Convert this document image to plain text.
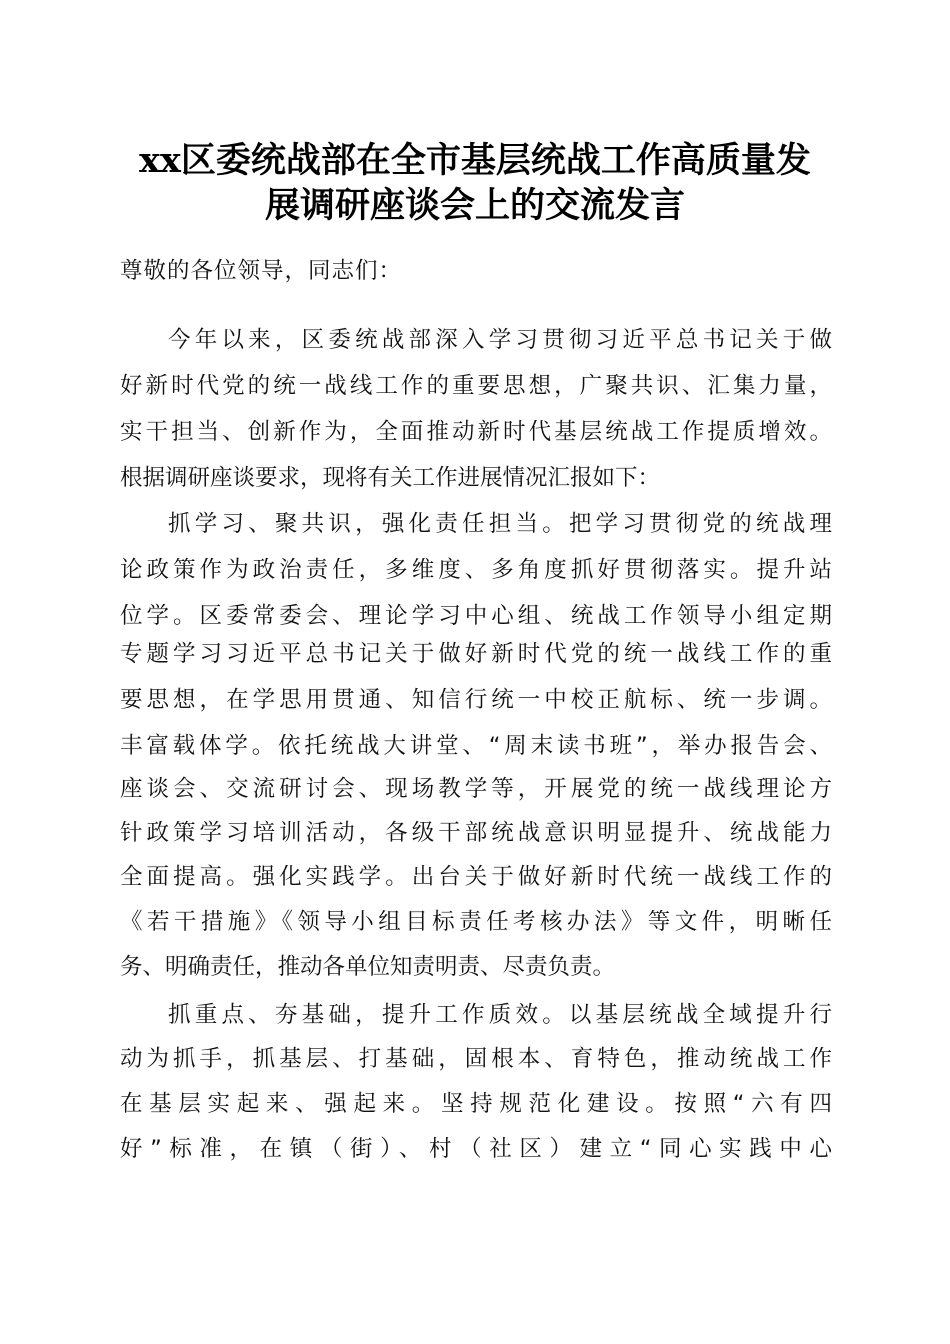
xx区委统战部在全市基层统战工作高质量发
展调研座谈会上的交流发言
尊敬的各位领导，同志们：
今年以来，区委统战部深入学习贯彻习近平总书记关于做
好新时代党的统一战线工作的重要思想，广聚共识、汇集力量，
实干担当、创新作为，全面推动新时代基层统战工作提质增效。
根据调研座谈要求，现将有关工作进展情况汇报如下：
抓学习、聚共识，强化责任担当。把学习贯彻党的统战理
论政策作为政治责任，多维度、多角度抓好贯彻落实。提升站
位学。区委常委会、理论学习中心组、统战工作领导小组定期
专题学习习近平总书记关于做好新时代党的统一战线工作的重
要思想，在学思用贯通、知信行统一中校正航标、统一步调。
丰富载体学。依托统战大讲堂、“周末读书班”，举办报告会、
座谈会、交流研讨会、现场教学等，开展党的统一战线理论方
针政策学习培训活动，各级干部统战意识明显提升、统战能力
全面提高。强化实践学。出台关于做好新时代统一战线工作的
《若干措施》《领导小组目标责任考核办法》等文件，明晰任
务、明确责任，推动各单位知责明责、尽责负责。
抓重点、夯基础，提升工作质效。以基层统战全域提升行
动为抓手，抓基层、打基础，固根本、育特色，推动统战工作
在基层实起来、强起来。坚持规范化建设。按照“六有四
好”标准，在镇（街）、村（社区）建立“同心实践中心
